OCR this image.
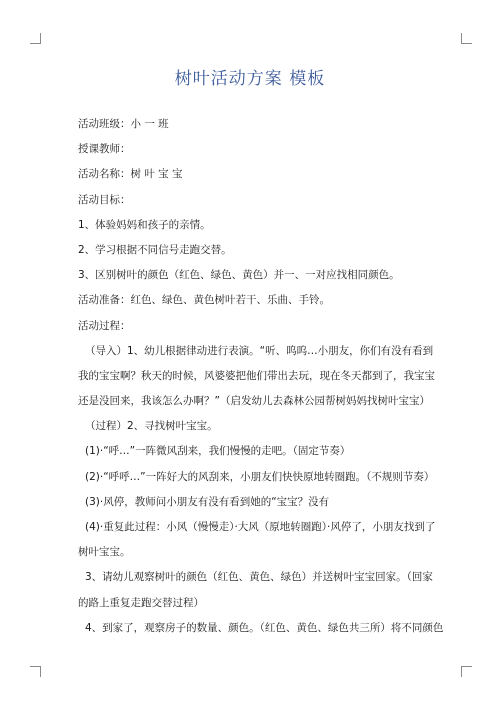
树叶活动方案 模板
活动班级：小 一 班
授课教师：
活动名称：树 叶 宝 宝
活动目标：
1、体验妈妈和孩子的亲情。
2、学习根据不同信号走跑交替。
3、区别树叶的颜色（红色、绿色、黄色）并一、一对应找相同颜色。
活动准备：红色、绿色、黄色树叶若干、乐曲、手铃。
活动过程：
（导入）1、幼儿根据律动进行表演。“听、呜呜…小朋友，你们有没有看到我的宝宝啊？秋天的时候，风婆婆把他们带出去玩，现在冬天都到了，我宝宝还是没回来，我该怎么办啊？”（启发幼儿去森林公园帮树妈妈找树叶宝宝）
（过程）2、寻找树叶宝宝。
(1)·“呼…”一阵微风刮来，我们慢慢的走吧。（固定节奏）
(2)·“呼呼…”一阵好大的风刮来，小朋友们快快原地转圈跑。（不规则节奏）
(3)·风停，教师问小朋友有没有看到她的“宝宝？没有
(4)·重复此过程：小风（慢慢走）·大风（原地转圈跑）·风停了，小朋友找到了树叶宝宝。
3、请幼儿观察树叶的颜色（红色、黄色、绿色）并送树叶宝宝回家。（回家的路上重复走跑交替过程）
4、到家了，观察房子的数量、颜色。（红色、黄色、绿色共三所）将不同颜色
